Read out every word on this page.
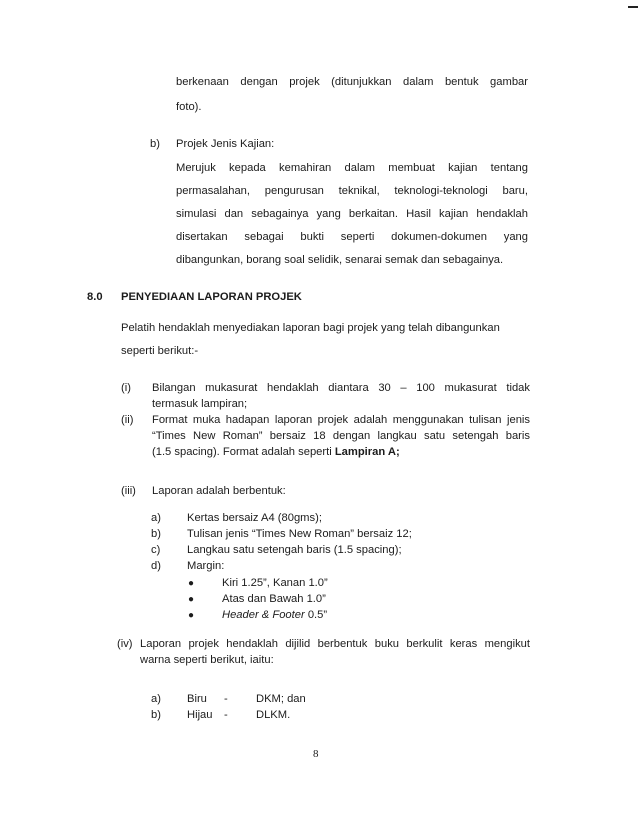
berkenaan dengan projek (ditunjukkan dalam bentuk gambar
foto).
b) Projek Jenis Kajian:
Merujuk kepada kemahiran dalam membuat kajian tentang
permasalahan, pengurusan teknikal, teknologi-teknologi baru,
simulasi dan sebagainya yang berkaitan. Hasil kajian hendaklah
disertakan sebagai bukti seperti dokumen-dokumen yang
dibangunkan, borang soal selidik, senarai semak dan sebagainya.
8.0 PENYEDIAAN LAPORAN PROJEK
Pelatih hendaklah menyediakan laporan bagi projek yang telah dibangunkan
seperti berikut:-
(i) Bilangan mukasurat hendaklah diantara 30 – 100 mukasurat tidak
termasuk lampiran;
(ii) Format muka hadapan laporan projek adalah menggunakan tulisan jenis
“Times New Roman” bersaiz 18 dengan langkau satu setengah baris
(1.5 spacing). Format adalah seperti Lampiran A;
(iii) Laporan adalah berbentuk:
a) Kertas bersaiz A4 (80gms);
b) Tulisan jenis “Times New Roman” bersaiz 12;
c) Langkau satu setengah baris (1.5 spacing);
d) Margin:
● Kiri 1.25”, Kanan 1.0”
● Atas dan Bawah 1.0”
● Header & Footer 0.5”
(iv) Laporan projek hendaklah dijilid berbentuk buku berkulit keras mengikut
warna seperti berikut, iaitu:
a) Biru -	DKM; dan
b) Hijau -	DLKM.
8
